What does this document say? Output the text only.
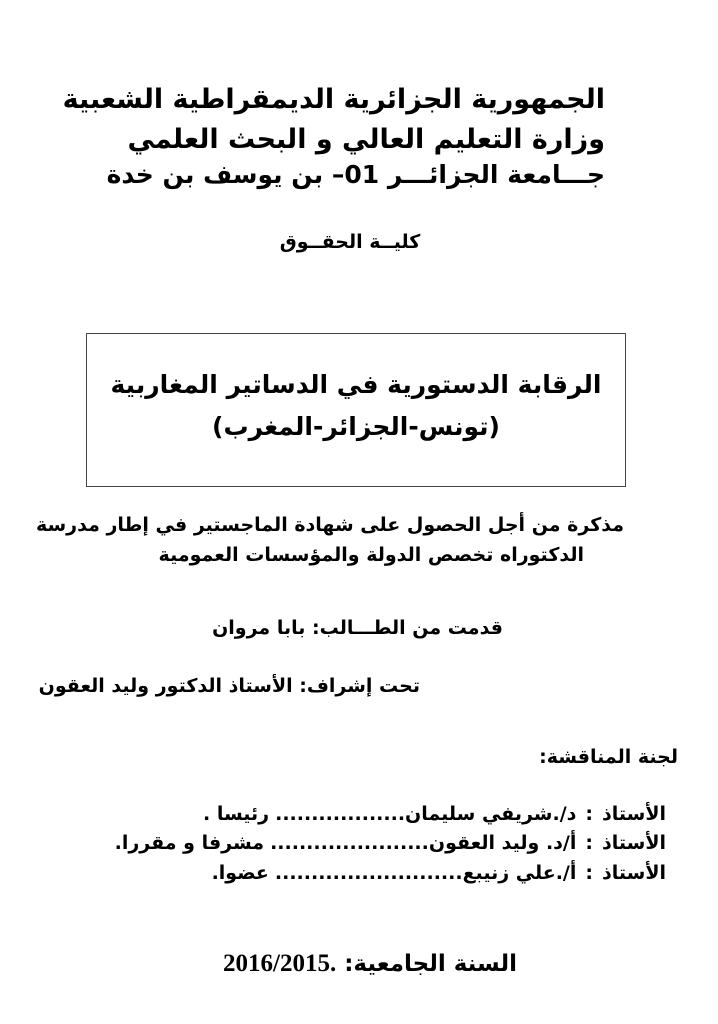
الجمهورية الجزائرية الديمقراطية الشعبية
وزارة التعليم العالي و البحث العلمي
جـــامعة الجزائـــر 01– بن يوسف بن خدة
كليــة الحقــوق
الرقابة الدستورية في الدساتير المغاربية
(تونس-الجزائر-المغرب)
مذكرة من أجل الحصول على شهادة الماجستير في إطار مدرسة
الدكتوراه تخصص الدولة والمؤسسات العمومية
قدمت من الطـــالب: بابا مروان
تحت إشراف: الأستاذ الدكتور وليد العقون
لجنة المناقشة:
الأستاذ:د/.شريفي سليمان..................رئيسا .
الأستاذ:أ/د. وليد العقون......................مشرفا و مقررا.
الأستاذ:أ/.علي زنيبع..........................عضوا.
السنة الجامعية: 2016/2015.
